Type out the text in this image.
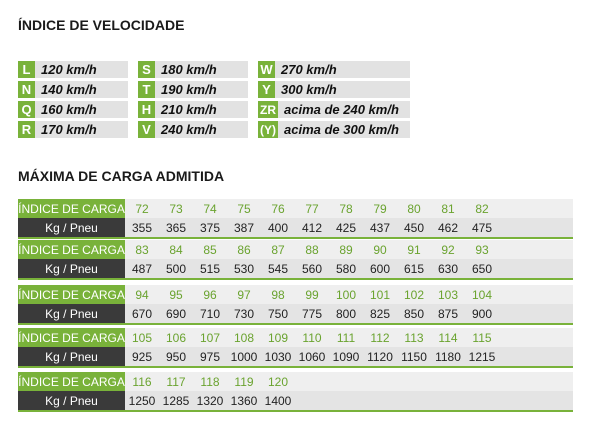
ÍNDICE DE VELOCIDADE
L 120 km/h
N 140 km/h
Q 160 km/h
R 170 km/h
S 180 km/h
T 190 km/h
H 210 km/h
V 240 km/h
W 270 km/h
Y 300 km/h
ZR acima de 240 km/h
(Y) acima de 300 km/h
MÁXIMA DE CARGA ADMITIDA
ÍNDICE DE CARGA 72	73	74	75	76	77	78	79	80	81	82
Kg / Pneu	355	365	375	387	400	412	425	437	450	462	475
ÍNDICE DE CARGA 83	84	85	86	87	88	89	90	91	92	93
Kg / Pneu	487	500	515	530	545	560	580	600	615	630	650
ÍNDICE DE CARGA 94	95	96	97	98	99	100	101	102	103	104
Kg / Pneu	670	690	710	730	750	775	800	825	850	875	900
ÍNDICE DE CARGA 105	106	107	108	109	110	111	112	113	114	115
Kg / Pneu	925	950	975 1000 1030 1060 1090 1120 1150 1180 1215
ÍNDICE DE CARGA 116	117	118	119	120
Kg / Pneu	1250 1285 1320 1360 1400
